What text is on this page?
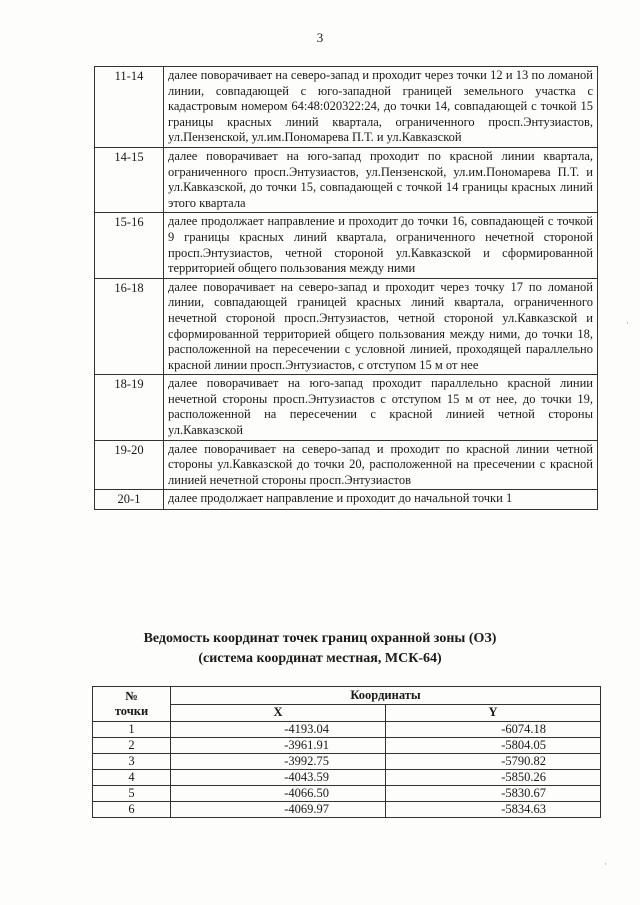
3
11-14	далее поворачивает на северо-запад и проходит через точки 12 и 13 по ломаной линии, совпадающей с юго-западной границей земельного участка с кадастровым номером 64:48:020322:24, до точки 14, совпадающей с точкой 15 границы красных линий квартала, ограниченного просп.Энтузиастов, ул.Пензенской, ул.им.Пономарева П.Т. и ул.Кавказской
14-15	далее поворачивает на юго-запад проходит по красной линии квартала, ограниченного просп.Энтузиастов, ул.Пензенской, ул.им.Пономарева П.Т. и ул.Кавказской, до точки 15, совпадающей с точкой 14 границы красных линий этого квартала
15-16	далее продолжает направление и проходит до точки 16, совпадающей с точкой 9 границы красных линий квартала, ограниченного нечетной стороной просп.Энтузиастов, четной стороной ул.Кавказской и сформированной территорией общего пользования между ними
16-18	далее поворачивает на северо-запад и проходит через точку 17 по ломаной линии, совпадающей границей красных линий квартала, ограниченного нечетной стороной просп.Энтузиастов, четной стороной ул.Кавказской и сформированной территорией общего пользования между ними, до точки 18, расположенной на пересечении с условной линией, проходящей параллельно красной линии просп.Энтузиастов, с отступом 15 м от нее
18-19	далее поворачивает на юго-запад проходит параллельно красной линии нечетной стороны просп.Энтузиастов с отступом 15 м от нее, до точки 19, расположенной на пересечении с красной линией четной стороны ул.Кавказской
19-20	далее поворачивает на северо-запад и проходит по красной линии четной стороны ул.Кавказской до точки 20, расположенной на пресечении с красной линией нечетной стороны просп.Энтузиастов
20-1	далее продолжает направление и проходит до начальной точки 1
Ведомость координат точек границ охранной зоны (ОЗ)
(система координат местная, МСК-64)
№
точки	Координаты	
	X	Y
1	-4193.04	-6074.18
2	-3961.91	-5804.05
3	-3992.75	-5790.82
4	-4043.59	-5850.26
5	-4066.50	-5830.67
6	-4069.97	-5834.63
·
·
